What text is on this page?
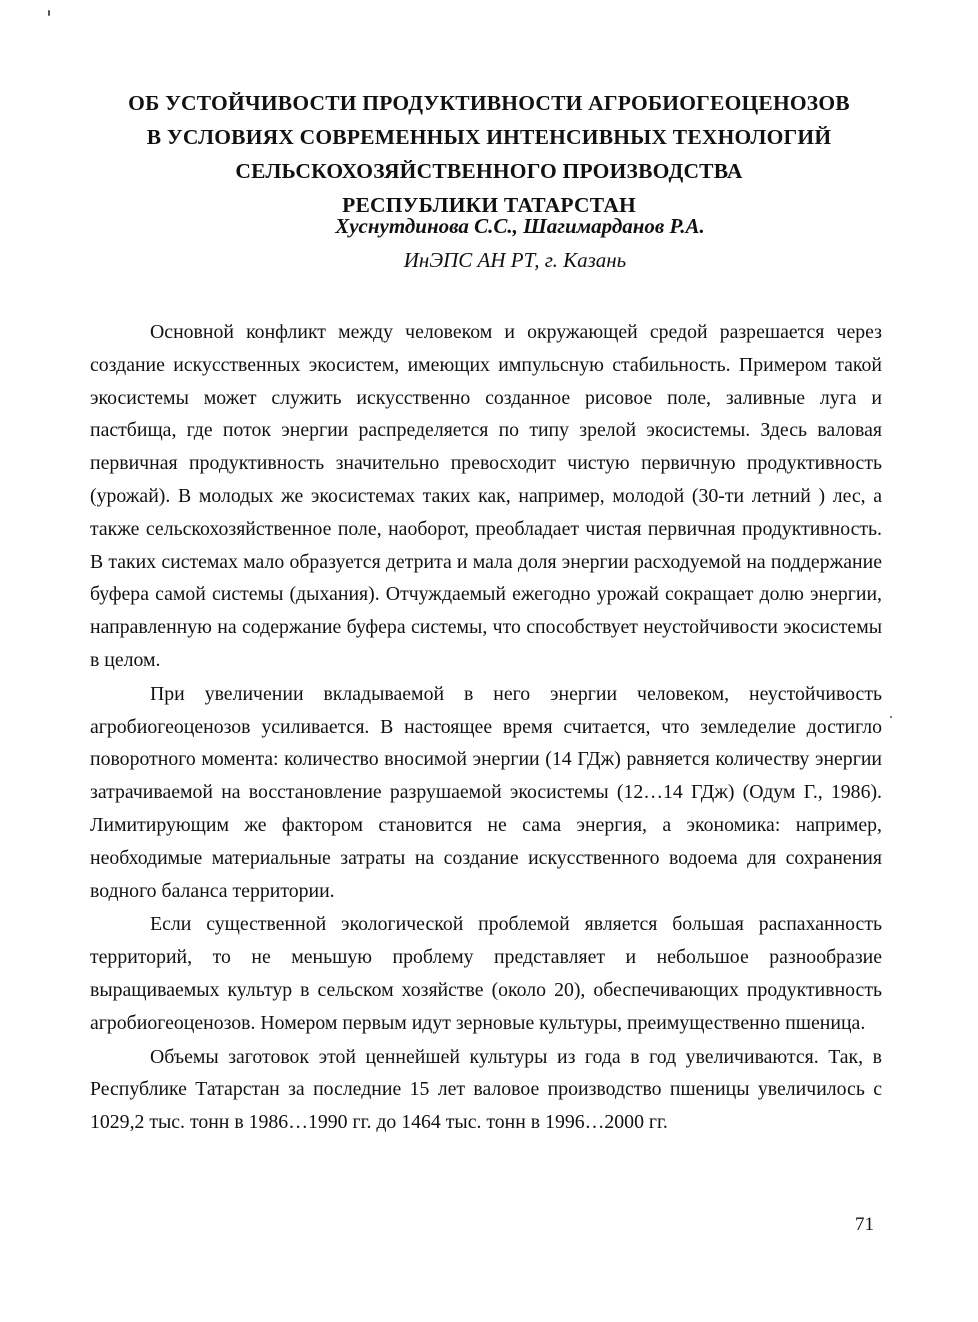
ОБ УСТОЙЧИВОСТИ ПРОДУКТИВНОСТИ АГРОБИОГЕОЦЕНОЗОВ
В УСЛОВИЯХ СОВРЕМЕННЫХ ИНТЕНСИВНЫХ ТЕХНОЛОГИЙ
СЕЛЬСКОХОЗЯЙСТВЕННОГО ПРОИЗВОДСТВА
РЕСПУБЛИКИ ТАТАРСТАН
Хуснутдинова С.С., Шагимарданов Р.А.
ИнЭПС АН РТ, г. Казань

Основной конфликт между человеком и окружающей средой разрешается через создание искусственных экосистем, имеющих импульсную стабильность. Примером такой экосистемы может служить искусственно созданное рисовое поле, заливные луга и пастбища, где поток энергии распределяется по типу зрелой экосистемы. Здесь валовая первичная продуктивность значительно превосходит чистую первичную продуктивность (урожай). В молодых же экосистемах таких как, например, молодой (30-ти летний ) лес, а также сельскохозяйственное поле, наоборот, преобладает чистая первичная продуктивность. В таких системах мало образуется детрита и мала доля энергии расходуемой на поддержание буфера самой системы (дыхания). Отчуждаемый ежегодно урожай сокращает долю энергии, направленную на содержание буфера системы, что способствует неустойчивости экосистемы в целом.

При увеличении вкладываемой в него энергии человеком, неустойчивость агробиогеоценозов усиливается. В настоящее время считается, что земледелие достигло поворотного момента: количество вносимой энергии (14 ГДж) равняется количеству энергии затрачиваемой на восстановление разрушаемой экосистемы (12…14 ГДж) (Одум Г., 1986). Лимитирующим же фактором становится не сама энергия, а экономика: например, необходимые материальные затраты на создание искусственного водоема для сохранения водного баланса территории.

Если существенной экологической проблемой является большая распаханность территорий, то не меньшую проблему представляет и небольшое разнообразие выращиваемых культур в сельском хозяйстве (около 20), обеспечивающих продуктивность агробиогеоценозов. Номером первым идут зерновые культуры, преимущественно пшеница.

Объемы заготовок этой ценнейшей культуры из года в год увеличиваются. Так, в Республике Татарстан за последние 15 лет валовое производство пшеницы увеличилось с 1029,2 тыс. тонн в 1986…1990 гг. до 1464 тыс. тонн в 1996…2000 гг.

71
